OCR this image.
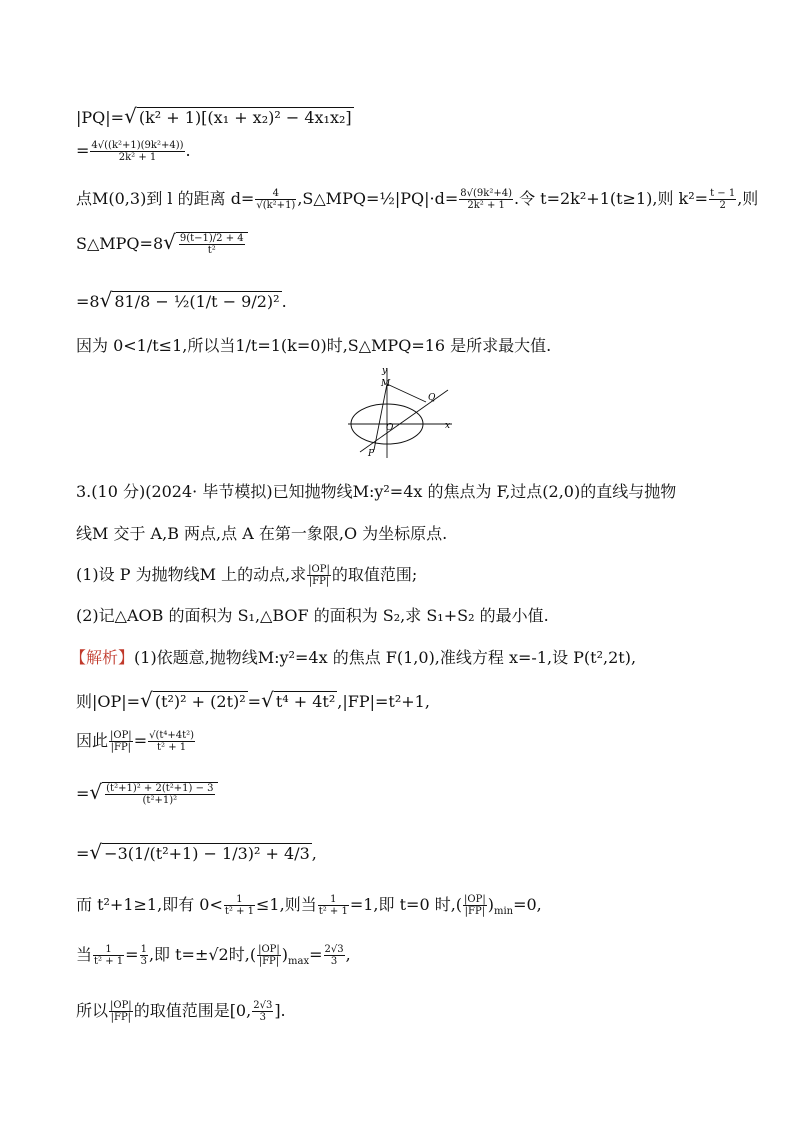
|PQ|=√ (k² + 1)[(x₁ + x₂)² − 4x₁x₂]
= $\frac{\text{4√((k²+1)(9k²+4))}}{\text{2k² + 1}}$ .
点M(0,3)到 l 的距离 $d= \frac{4}{\text{√(k²+1)}}$ ,S△MPQ=½|PQ|·d= $\frac{\text{8√(9k²+4)}}{\text{2k² + 1}}$ .令 t=2k²+1(t≥1),则 $k^2= \frac{t - 1}{2}$ ,则
S△MPQ=8√ $\frac{9(t-1)/2 + 4}{\text{t²}}$
=8√ 81/8 − ½(1/t − 9/2)² .
因为 0<1/t≤1,所以当1/t=1(k=0)时,S△MPQ=16 是所求最大值.
y
x
M
Q
O
P
3.(10 分)(2024· 毕节模拟)已知抛物线M:y²=4x 的焦点为 F,过点(2,0)的直线与抛物
线M 交于 A,B 两点,点 A 在第一象限,O 为坐标原点.
(1)设 P 为抛物线M 上的动点,求 $\frac{|OP|}{|FP|}$ 的取值范围;
(2)记△AOB 的面积为 S₁,△BOF 的面积为 S₂,求 S₁+S₂ 的最小值.
【解析】(1)依题意,抛物线M:y²=4x 的焦点 F(1,0),准线方程 x=-1,设 P(t²,2t),
则|OP|=√ (t²)² + (2t)² =√ t⁴ + 4t² ,|FP|=t²+1,
因此 $\frac{|OP|}{|FP|} = \frac{\text{√(t⁴+4t²)}}{\text{t² + 1}}$
=√ $\frac{\text{(t²+1)² + 2(t²+1) − 3}}{\text{(t²+1)²}}$
=√ −3(1/(t²+1) − 1/3)² + 4/3 ,
而 t²+1≥1,即有 $0< \frac{1}{\text{t² + 1}} \le 1$,则当 $\frac{1}{\text{t² + 1}} =1$,即 t=0 时,( $\frac{|OP|}{|FP|} )_{min}=0$,
当 $\frac{1}{\text{t² + 1}} = \frac{1}{3}$ ,即 t=±√2时,( $\frac{|OP|}{|FP|} )_{max}= \frac{2√3}{3}$ ,
所以 $\frac{|OP|}{|FP|}$ 的取值范围是[0, $\frac{2√3}{3}$ ].
